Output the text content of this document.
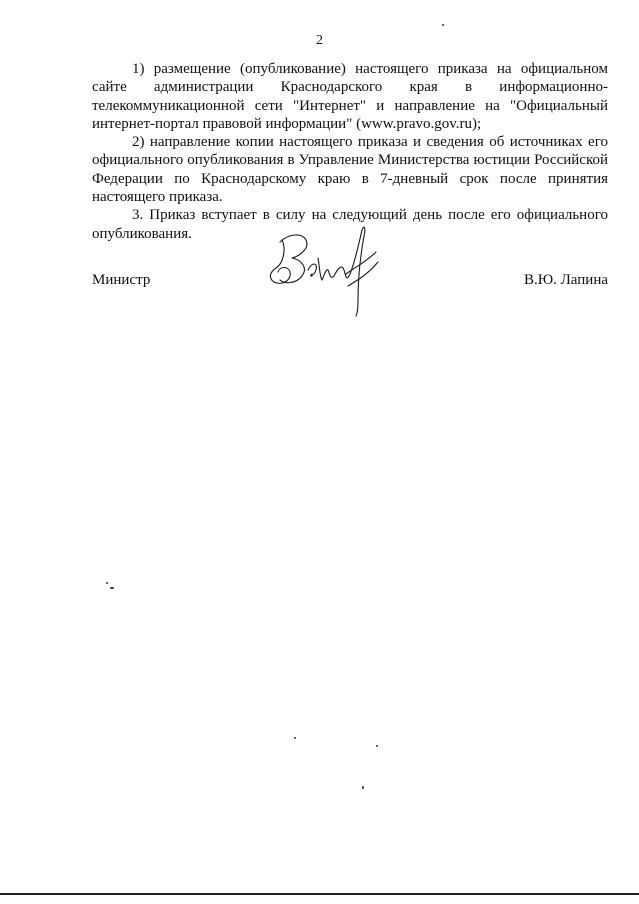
2

1) размещение (опубликование) настоящего приказа на официальном сайте администрации Краснодарского края в информационно-телекоммуникационной сети "Интернет" и направление на "Официальный интернет-портал правовой информации" (www.pravo.gov.ru);

2) направление копии настоящего приказа и сведения об источниках его официального опубликования в Управление Министерства юстиции Российской Федерации по Краснодарскому краю в 7-дневный срок после принятия настоящего приказа.

3. Приказ вступает в силу на следующий день после его официального опубликования.

Министр	В.Ю. Лапина
